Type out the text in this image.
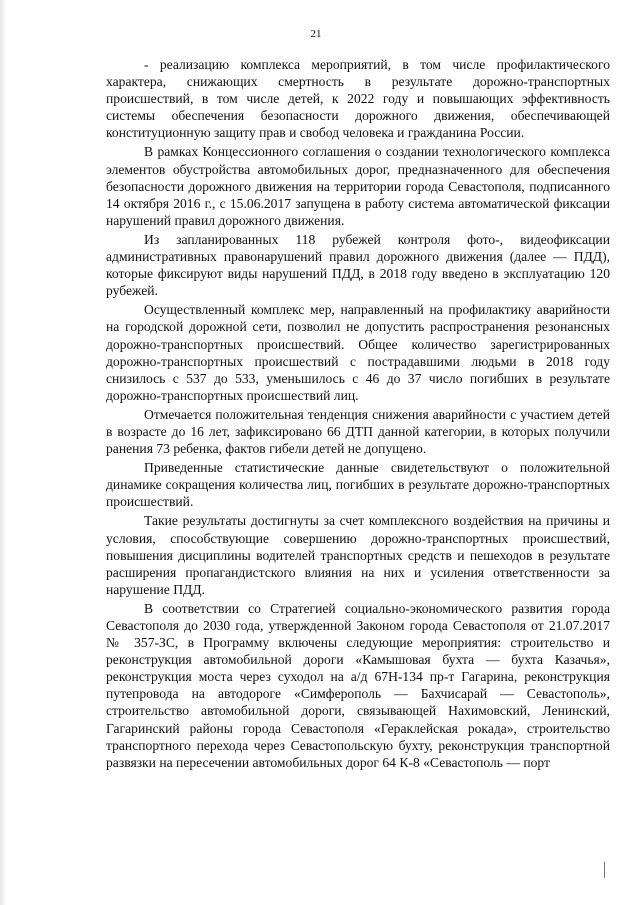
21

- реализацию комплекса мероприятий, в том числе профилактического характера, снижающих смертность в результате дорожно-транспортных происшествий, в том числе детей, к 2022 году и повышающих эффективность системы обеспечения безопасности дорожного движения, обеспечивающей конституционную защиту прав и свобод человека и гражданина России.

В рамках Концессионного соглашения о создании технологического комплекса элементов обустройства автомобильных дорог, предназначенного для обеспечения безопасности дорожного движения на территории города Севастополя, подписанного 14 октября 2016 г., с 15.06.2017 запущена в работу система автоматической фиксации нарушений правил дорожного движения.

Из запланированных 118 рубежей контроля фото-, видеофиксации административных правонарушений правил дорожного движения (далее — ПДД), которые фиксируют виды нарушений ПДД, в 2018 году введено в эксплуатацию 120 рубежей.

Осуществленный комплекс мер, направленный на профилактику аварийности на городской дорожной сети, позволил не допустить распространения резонансных дорожно-транспортных происшествий. Общее количество зарегистрированных дорожно-транспортных происшествий с пострадавшими людьми в 2018 году снизилось с 537 до 533, уменьшилось с 46 до 37 число погибших в результате дорожно-транспортных происшествий лиц.

Отмечается положительная тенденция снижения аварийности с участием детей в возрасте до 16 лет, зафиксировано 66 ДТП данной категории, в которых получили ранения 73 ребенка, фактов гибели детей не допущено.

Приведенные статистические данные свидетельствуют о положительной динамике сокращения количества лиц, погибших в результате дорожно-транспортных происшествий.

Такие результаты достигнуты за счет комплексного воздействия на причины и условия, способствующие совершению дорожно-транспортных происшествий, повышения дисциплины водителей транспортных средств и пешеходов в результате расширения пропагандистского влияния на них и усиления ответственности за нарушение ПДД.

В соответствии со Стратегией социально-экономического развития города Севастополя до 2030 года, утвержденной Законом города Севастополя от 21.07.2017 № 357-ЗС, в Программу включены следующие мероприятия: строительство и реконструкция автомобильной дороги «Камышовая бухта — бухта Казачья», реконструкция моста через суходол на а/д 67Н-134 пр-т Гагарина, реконструкция путепровода на автодороге «Симферополь — Бахчисарай — Севастополь», строительство автомобильной дороги, связывающей Нахимовский, Ленинский, Гагаринский районы города Севастополя «Гераклейская рокада», строительство транспортного перехода через Севастопольскую бухту, реконструкция транспортной развязки на пересечении автомобильных дорог 64 К-8 «Севастополь — порт
